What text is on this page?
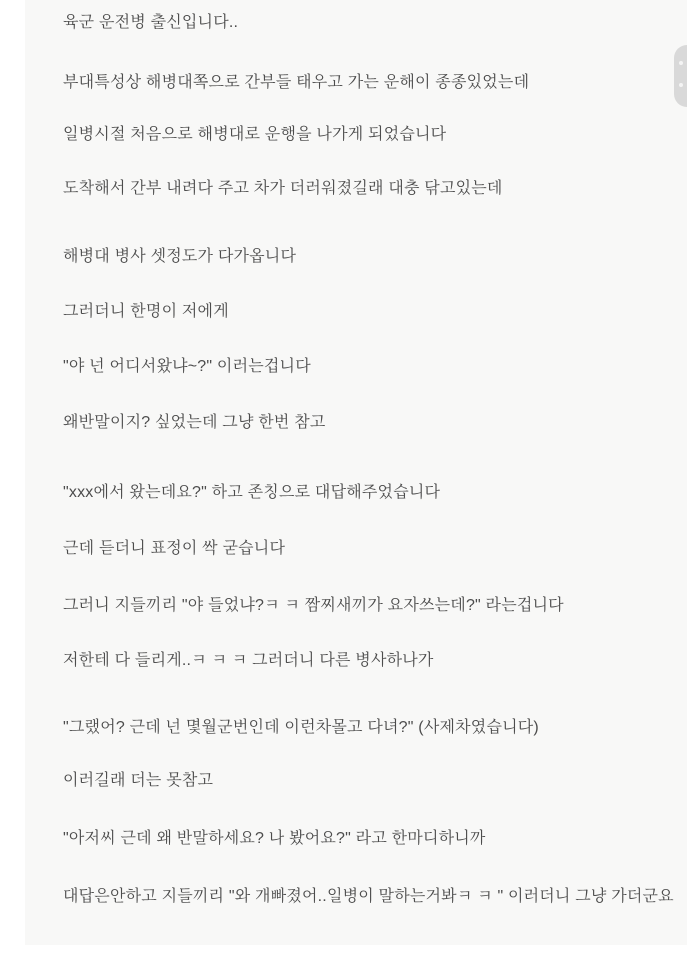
육군 운전병 출신입니다..
부대특성상 해병대쪽으로 간부들 태우고 가는 운해이 종종있었는데
일병시절 처음으로 해병대로 운행을 나가게 되었습니다
도착해서 간부 내려다 주고 차가 더러워졌길래 대충 닦고있는데
해병대 병사 셋정도가 다가옵니다
그러더니 한명이 저에게
"야 넌 어디서왔냐~?" 이러는겁니다
왜반말이지? 싶었는데 그냥 한번 참고
"xxx에서 왔는데요?" 하고 존칭으로 대답해주었습니다
근데 듣더니 표정이 싹 굳습니다
그러니 지들끼리 "야 들었냐?ㅋ ㅋ 짬찌새끼가 요자쓰는데?" 라는겁니다
저한테 다 들리게..ㅋ ㅋ ㅋ 그러더니 다른 병사하나가
"그랬어? 근데 넌 몇월군번인데 이런차몰고 다녀?" (사제차였습니다)
이러길래 더는 못참고
"아저씨 근데 왜 반말하세요? 나 봤어요?" 라고 한마디하니까
대답은안하고 지들끼리 "와 개빠졌어..일병이 말하는거봐ㅋ ㅋ " 이러더니 그냥 가더군요
